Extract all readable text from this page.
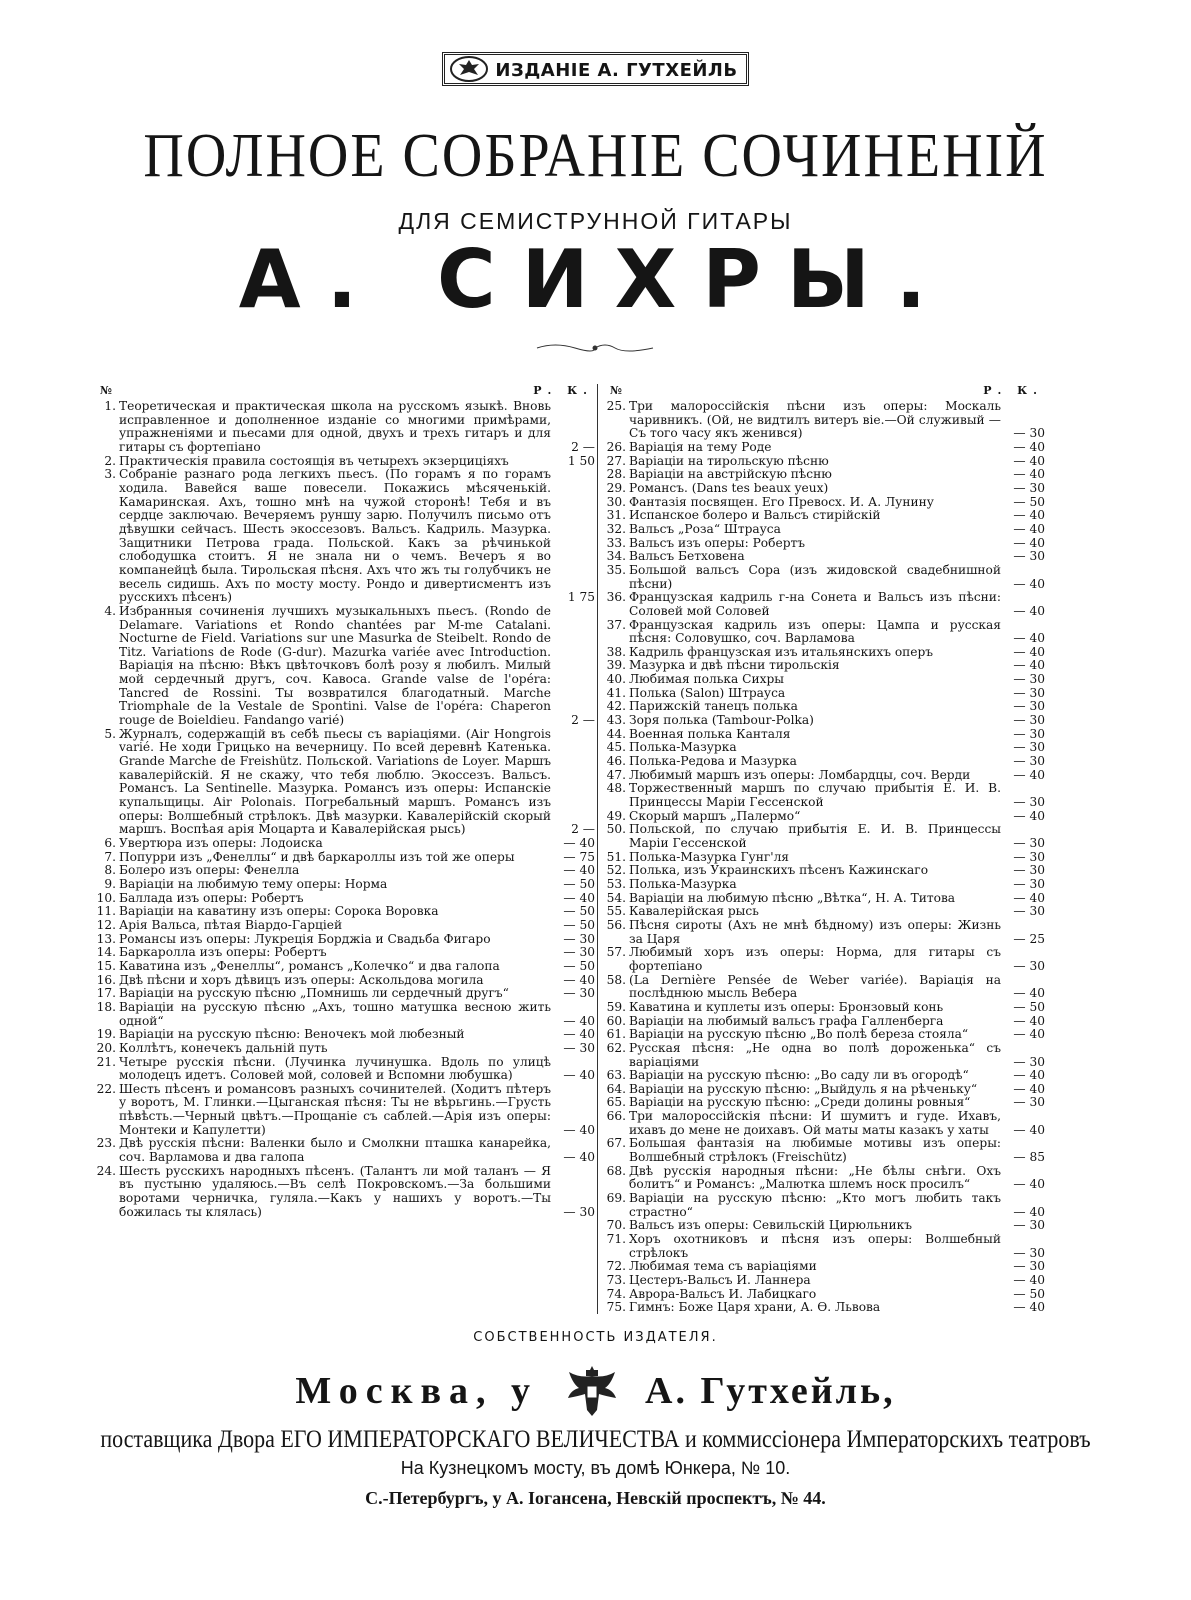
ИЗДАНІЕ А. ГУТХЕЙЛЬ
ПОЛНОЕ СОБРАНІЕ СОЧИНЕНІЙ
ДЛЯ СЕМИСТРУННОЙ ГИТАРЫ
А. СИХРЫ.
№	Р. К.
1. Теоретическая и практическая школа на русскомъ языкѣ. Вновь исправленное и дополненное изданіе со многими примѣрами, упражненіями и пьесами для одной, двухъ и трехъ гитаръ и для гитары съ фортепіано	2 —
2. Практическія правила состоящія въ четырехъ экзерциціяхъ	1 50
3. Собраніе разнаго рода легкихъ пьесъ. (По горамъ я по горамъ ходила. Вавейся ваше повесели. Покажись мѣсяченькій. Камаринская. Ахъ, тошно мнѣ на чужой сторонѣ! Тебя и въ сердце заключаю. Вечеряемъ руншу зарю. Получилъ письмо отъ дѣвушки сейчасъ. Шесть экоссезовъ. Вальсъ. Кадриль. Мазурка. Защитники Петрова града. Польской. Какъ за рѣчинькой слободушка стоитъ. Я не знала ни о чемъ. Вечеръ я во компанейцѣ была. Тирольская пѣсня. Ахъ что жъ ты голубчикъ не весель сидишь. Ахъ по мосту мосту. Рондо и дивертисментъ изъ русскихъ пѣсенъ)	1 75
4. Избранныя сочиненія лучшихъ музыкальныхъ пьесъ. (Rondo de Delamare. Variations et Rondo chantées par M-me Catalani. Nocturne de Field. Variations sur une Masurka de Steibelt. Rondo de Titz. Variations de Rode (G-dur). Mazurka variée avec Introduction. Варіація на пѣсню: Вѣкъ цвѣточковъ болѣ розу я любилъ. Милый мой сердечный другъ, соч. Кавоса. Grande valse de l'opéra: Tancred de Rossini. Ты возвратился благодатный. Marche Triomphale de la Vestale de Spontini. Valse de l'opéra: Chaperon rouge de Boieldieu. Fandango varié)	2 —
5. Журналъ, содержащій въ себѣ пьесы съ варіаціями. (Air Hongrois varié. Не ходи Грицько на вечерницу. По всей деревнѣ Катенька. Grande Marche de Freishütz. Польской. Variations de Loyer. Маршъ кавалерійскій. Я не скажу, что тебя люблю. Экоссезъ. Вальсъ. Романсъ. La Sentinelle. Мазурка. Романсъ изъ оперы: Испанскіе купальщицы. Air Polonais. Погребальный маршъ. Романсъ изъ оперы: Волшебный стрѣлокъ. Двѣ мазурки. Кавалерійскій скорый маршъ. Воспѣая арія Моцарта и Кавалерійская рысь)	2 —
6. Увертюра изъ оперы: Лодоиска	— 40
7. Попурри изъ „Фенеллы“ и двѣ баркароллы изъ той же оперы	— 75
8. Болеро изъ оперы: Фенелла	— 40
9. Варіаціи на любимую тему оперы: Норма	— 50
10. Баллада изъ оперы: Робертъ	— 40
11. Варіаціи на каватину изъ оперы: Сорока Воровка	— 50
12. Арія Вальса, пѣтая Віардо-Гарціей	— 50
13. Романсы изъ оперы: Лукреція Борджіа и Свадьба Фигаро	— 30
14. Баркаролла изъ оперы: Робертъ	— 30
15. Каватина изъ „Фенеллы“, романсъ „Колечко“ и два галопа	— 50
16. Двѣ пѣсни и хоръ дѣвицъ изъ оперы: Аскольдова могила	— 40
17. Варіаціи на русскую пѣсню „Помнишь ли сердечный другъ“	— 30
18. Варіаціи на русскую пѣсню „Ахъ, тошно матушка весною жить одной“	— 40
19. Варіаціи на русскую пѣсню: Веночекъ мой любезный	— 40
20. Коллѣтъ, конечекъ дальній путь	— 30
21. Четыре русскія пѣсни. (Лучинка лучинушка. Вдоль по улицѣ молодецъ идетъ. Соловей мой, соловей и Вспомни любушка)	— 40
22. Шесть пѣсенъ и романсовъ разныхъ сочинителей. (Ходитъ пѣтеръ у воротъ, М. Глинки.—Цыганская пѣсня: Ты не вѣрьгинь.—Грусть пѣвѣсть.—Черный цвѣтъ.—Прощаніе съ саблей.—Арія изъ оперы: Монтеки и Капулетти)	— 40
23. Двѣ русскія пѣсни: Валенки было и Смолкни пташка канарейка, соч. Варламова и два галопа	— 40
24. Шесть русскихъ народныхъ пѣсенъ. (Талантъ ли мой таланъ — Я въ пустыню удаляюсь.—Въ селѣ Покровскомъ.—За большими воротами черничка, гуляла.—Какъ у нашихъ у воротъ.—Ты божилась ты клялась)	— 30
№	Р. К.
25. Три малороссійскія пѣсни изъ оперы: Москаль чаривникъ. (Ой, не видтилъ витеръ віе.—Ой служивый —Съ того часу якъ женився)	— 30
26. Варіація на тему Роде	— 40
27. Варіаціи на тирольскую пѣсню	— 40
28. Варіаціи на австрійскую пѣсню	— 40
29. Романсъ. (Dans tes beaux yeux)	— 30
30. Фантазія посвящен. Его Превосх. И. А. Лунину	— 50
31. Испанское болеро и Вальсъ стирійскій	— 40
32. Вальсъ „Роза“ Штрауса	— 40
33. Вальсъ изъ оперы: Робертъ	— 40
34. Вальсъ Бетховена	— 30
35. Большой вальсъ Сора (изъ жидовской свадебнишной пѣсни)	— 40
36. Французская кадриль г-на Сонета и Вальсъ изъ пѣсни: Соловей мой Соловей	— 40
37. Французская кадриль изъ оперы: Цампа и русская пѣсня: Соловушко, соч. Варламова	— 40
38. Кадриль французская изъ итальянскихъ оперъ	— 40
39. Мазурка и двѣ пѣсни тирольскія	— 40
40. Любимая полька Сихры	— 30
41. Полька (Salon) Штрауса	— 30
42. Парижскій танецъ полька	— 30
43. Зоря полька (Tambour-Polka)	— 30
44. Военная полька Канталя	— 30
45. Полька-Мазурка	— 30
46. Полька-Редова и Мазурка	— 30
47. Любимый маршъ изъ оперы: Ломбардцы, соч. Верди	— 40
48. Торжественный маршъ по случаю прибытія Е. И. В. Принцессы Маріи Гессенской	— 30
49. Скорый маршъ „Палермо“	— 40
50. Польской, по случаю прибытія Е. И. В. Принцессы Маріи Гессенской	— 30
51. Полька-Мазурка Гунг'ля	— 30
52. Полька, изъ Украинскихъ пѣсенъ Кажинскаго	— 30
53. Полька-Мазурка	— 30
54. Варіаціи на любимую пѣсню „Вѣтка“, Н. А. Титова	— 40
55. Кавалерійская рысь	— 30
56. Пѣсня сироты (Ахъ не мнѣ бѣдному) изъ оперы: Жизнь за Царя	— 25
57. Любимый хоръ изъ оперы: Норма, для гитары съ фортепіано	— 30
58. (La Dernière Pensée de Weber variée). Варіація на послѣднюю мысль Вебера	— 40
59. Каватина и куплеты изъ оперы: Бронзовый конь	— 50
60. Варіаціи на любимый вальсъ графа Галленберга	— 40
61. Варіаціи на русскую пѣсню „Во полѣ береза стояла“	— 40
62. Русская пѣсня: „Не одна во полѣ дороженька“ съ варіаціями	— 30
63. Варіаціи на русскую пѣсню: „Во саду ли въ огородѣ“	— 40
64. Варіаціи на русскую пѣсню: „Выйдуль я на рѣченьку“	— 40
65. Варіаціи на русскую пѣсню: „Среди долины ровныя“	— 30
66. Три малороссійскія пѣсни: И шумитъ и гуде. Ихавъ, ихавъ до мене не доихавъ. Ой маты маты казакъ у хаты	— 40
67. Большая фантазія на любимые мотивы изъ оперы: Волшебный стрѣлокъ (Freischütz)	— 85
68. Двѣ русскія народныя пѣсни: „Не бѣлы снѣги. Охъ болитъ“ и Романсъ: „Малютка шлемъ носк просилъ“	— 40
69. Варіаціи на русскую пѣсню: „Кто могъ любить такъ страстно“	— 40
70. Вальсъ изъ оперы: Севильскій Цирюльникъ	— 30
71. Хоръ охотниковъ и пѣсня изъ оперы: Волшебный стрѣлокъ	— 30
72. Любимая тема съ варіаціями	— 30
73. Цестеръ-Вальсъ И. Ланнера	— 40
74. Аврора-Вальсъ И. Лабицкаго	— 50
75. Гимнъ: Боже Царя храни, А. Ѳ. Львова	— 40
СОБСТВЕННОСТЬ ИЗДАТЕЛЯ.
Москва, у	А. Гутхейль,
поставщика Двора ЕГО ИМПЕРАТОРСКАГО ВЕЛИЧЕСТВА и коммиссіонера Императорскихъ театровъ
На Кузнецкомъ мосту, въ домѣ Юнкера, № 10.
С.-Петербургъ, у А. Іогансена, Невскій проспектъ, № 44.
